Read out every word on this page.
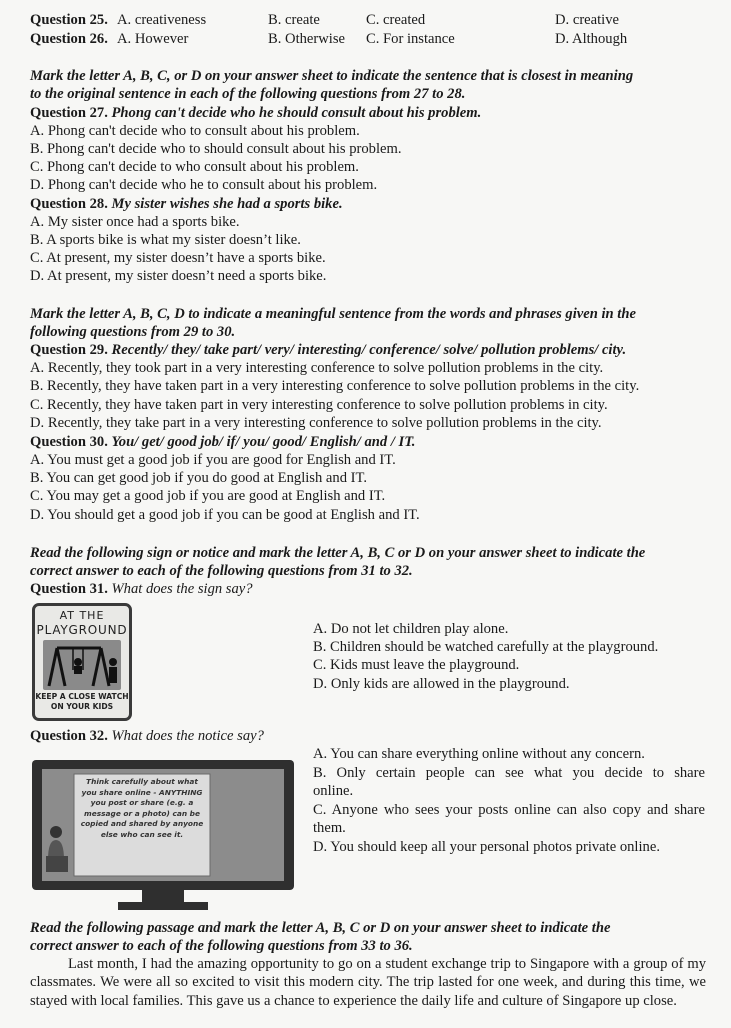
Question 25. A. creativeness	B. create	C. created	D. creative
Question 26. A. However	B. Otherwise C. For instance	D. Although
Mark the letter A, B, C, or D on your answer sheet to indicate the sentence that is closest in meaning
to the original sentence in each of the following questions from 27 to 28.
Question 27. Phong can't decide who he should consult about his problem.
A. Phong can't decide who to consult about his problem.
B. Phong can't decide who to should consult about his problem.
C. Phong can't decide to who consult about his problem.
D. Phong can't decide who he to consult about his problem.
Question 28. My sister wishes she had a sports bike.
A. My sister once had a sports bike.
B. A sports bike is what my sister doesn’t like.
C. At present, my sister doesn’t have a sports bike.
D. At present, my sister doesn’t need a sports bike.
Mark the letter A, B, C, D to indicate a meaningful sentence from the words and phrases given in the
following questions from 29 to 30.
Question 29. Recently/ they/ take part/ very/ interesting/ conference/ solve/ pollution problems/ city.
A. Recently, they took part in a very interesting conference to solve pollution problems in the city.
B. Recently, they have taken part in a very interesting conference to solve pollution problems in the city.
C. Recently, they have taken part in very interesting conference to solve pollution problems in city.
D. Recently, they take part in a very interesting conference to solve pollution problems in the city.
Question 30. You/ get/ good job/ if/ you/ good/ English/ and / IT.
A. You must get a good job if you are good for English and IT.
B. You can get good job if you do good at English and IT.
C. You may get a good job if you are good at English and IT.
D. You should get a good job if you can be good at English and IT.
Read the following sign or notice and mark the letter A, B, C or D on your answer sheet to indicate the
correct answer to each of the following questions from 31 to 32.
Question 31. What does the sign say?
AT THE
PLAYGROUND
KEEP A CLOSE WATCH
ON YOUR KIDS
A. Do not let children play alone.
B. Children should be watched carefully at the playground.
C. Kids must leave the playground.
D. Only kids are allowed in the playground.
Question 32. What does the notice say?
Think carefully about what you share online - ANYTHING you post or share (e.g. a message or a photo) can be copied and shared by anyone else who can see it.
A. You can share everything online without any concern.
B. Only certain people can see what you decide to share online.
C. Anyone who sees your posts online can also copy and share them.
D. You should keep all your personal photos private online.
Read the following passage and mark the letter A, B, C or D on your answer sheet to indicate the
correct answer to each of the following questions from 33 to 36.
Last month, I had the amazing opportunity to go on a student exchange trip to Singapore with a group of my classmates. We were all so excited to visit this modern city. The trip lasted for one week, and during this time, we stayed with local families. This gave us a chance to experience the daily life and culture of Singapore up close.
